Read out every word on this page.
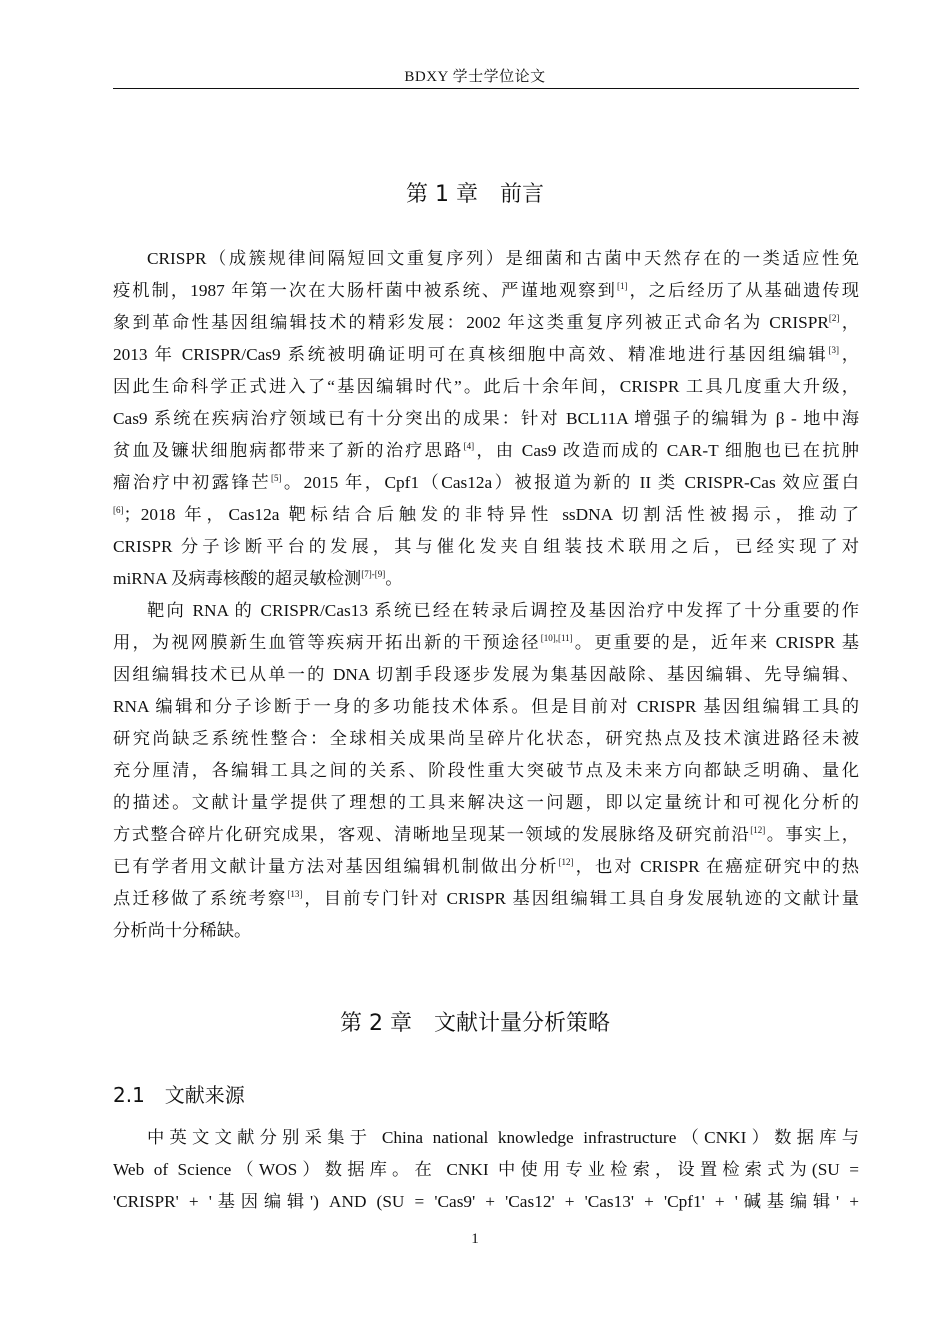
BDXY 学士学位论文
第 1 章　前言
CRISPR（成簇规律间隔短回文重复序列）是细菌和古菌中天然存在的一类适应性免
疫机制，1987 年第一次在大肠杆菌中被系统、严谨地观察到[1]，之后经历了从基础遗传现
象到革命性基因组编辑技术的精彩发展：2002 年这类重复序列被正式命名为 CRISPR[2]，
2013 年 CRISPR/Cas9 系统被明确证明可在真核细胞中高效、精准地进行基因组编辑[3]，
因此生命科学正式进入了“基因编辑时代”。此后十余年间，CRISPR 工具几度重大升级，
Cas9 系统在疾病治疗领域已有十分突出的成果：针对 BCL11A 增强子的编辑为 β - 地中海
贫血及镰状细胞病都带来了新的治疗思路[4]，由 Cas9 改造而成的 CAR-T 细胞也已在抗肿
瘤治疗中初露锋芒[5]。2015 年，Cpf1（Cas12a）被报道为新的 II 类 CRISPR-Cas 效应蛋白
[6]；2018 年，Cas12a 靶标结合后触发的非特异性 ssDNA 切割活性被揭示，推动了
CRISPR 分子诊断平台的发展，其与催化发夹自组装技术联用之后，已经实现了对
miRNA 及病毒核酸的超灵敏检测[7]-[9]。
靶向 RNA 的 CRISPR/Cas13 系统已经在转录后调控及基因治疗中发挥了十分重要的作
用，为视网膜新生血管等疾病开拓出新的干预途径[10],[11]。更重要的是，近年来 CRISPR 基
因组编辑技术已从单一的 DNA 切割手段逐步发展为集基因敲除、基因编辑、先导编辑、
RNA 编辑和分子诊断于一身的多功能技术体系。但是目前对 CRISPR 基因组编辑工具的
研究尚缺乏系统性整合：全球相关成果尚呈碎片化状态，研究热点及技术演进路径未被
充分厘清，各编辑工具之间的关系、阶段性重大突破节点及未来方向都缺乏明确、量化
的描述。文献计量学提供了理想的工具来解决这一问题，即以定量统计和可视化分析的
方式整合碎片化研究成果，客观、清晰地呈现某一领域的发展脉络及研究前沿[12]。事实上，
已有学者用文献计量方法对基因组编辑机制做出分析[12]，也对 CRISPR 在癌症研究中的热
点迁移做了系统考察[13]，目前专门针对 CRISPR 基因组编辑工具自身发展轨迹的文献计量
分析尚十分稀缺。
第 2 章　文献计量分析策略
2.1　文献来源
中英文文献分别采集于 China national knowledge infrastructure（CNKI）数据库与
Web of Science（WOS）数据库。在 CNKI 中使用专业检索，设置检索式为(SU =
'CRISPR' + '基因编辑') AND (SU = 'Cas9' + 'Cas12' + 'Cas13' + 'Cpf1' + '碱基编辑' +
1
